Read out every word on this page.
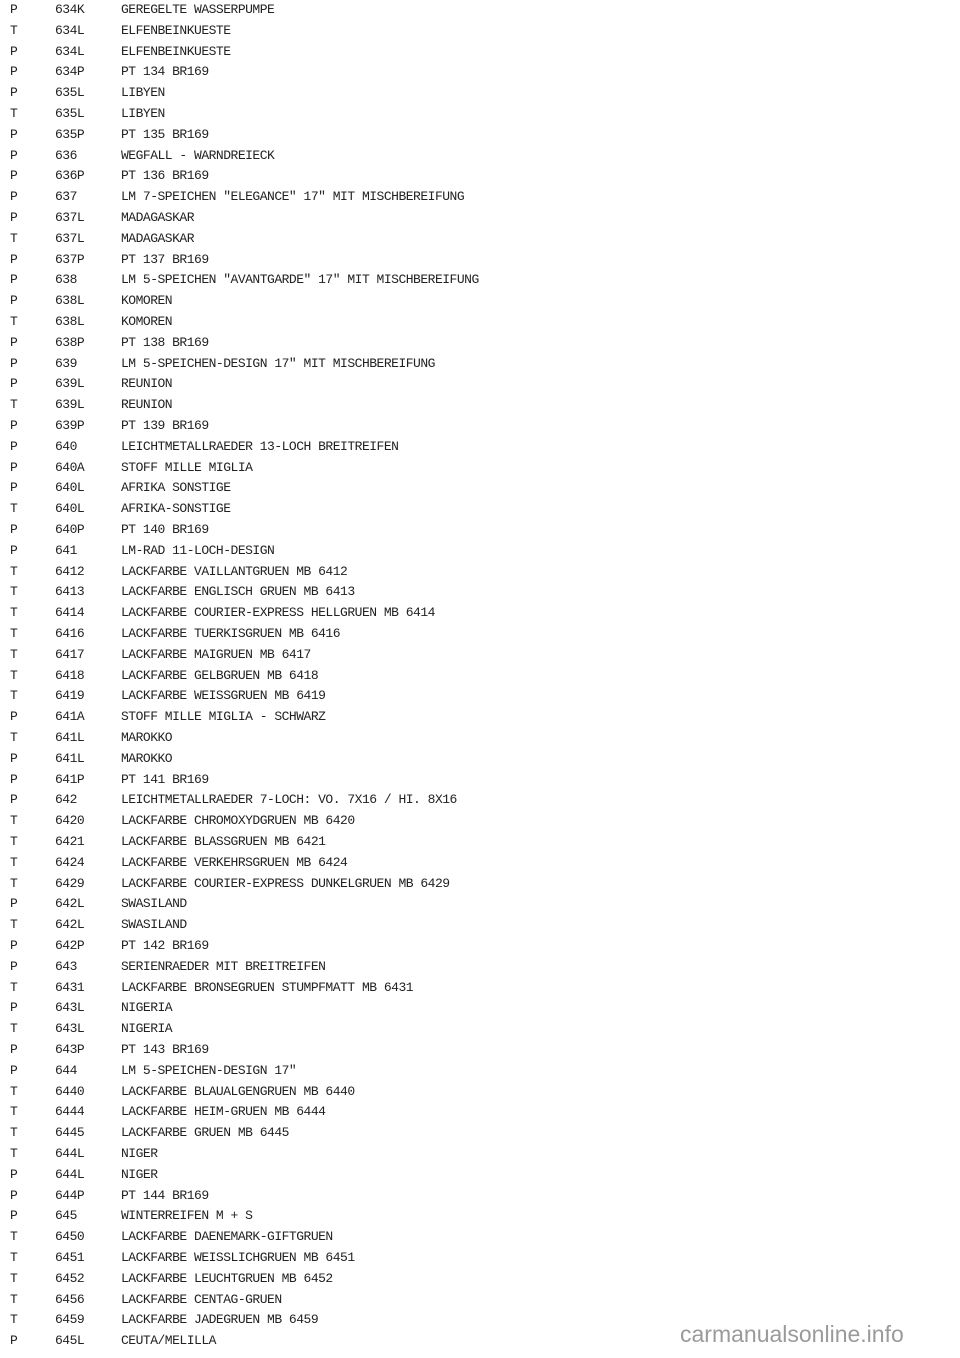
P	634K	GEREGELTE WASSERPUMPE
T	634L	ELFENBEINKUESTE
P	634L	ELFENBEINKUESTE
P	634P	PT 134 BR169
P	635L	LIBYEN
T	635L	LIBYEN
P	635P	PT 135 BR169
P	636	WEGFALL - WARNDREIECK
P	636P	PT 136 BR169
P	637	LM 7-SPEICHEN "ELEGANCE" 17" MIT MISCHBEREIFUNG
P	637L	MADAGASKAR
T	637L	MADAGASKAR
P	637P	PT 137 BR169
P	638	LM 5-SPEICHEN "AVANTGARDE" 17" MIT MISCHBEREIFUNG
P	638L	KOMOREN
T	638L	KOMOREN
P	638P	PT 138 BR169
P	639	LM 5-SPEICHEN-DESIGN 17" MIT MISCHBEREIFUNG
P	639L	REUNION
T	639L	REUNION
P	639P	PT 139 BR169
P	640	LEICHTMETALLRAEDER 13-LOCH BREITREIFEN
P	640A	STOFF MILLE MIGLIA
P	640L	AFRIKA SONSTIGE
T	640L	AFRIKA-SONSTIGE
P	640P	PT 140 BR169
P	641	LM-RAD 11-LOCH-DESIGN
T	6412	LACKFARBE VAILLANTGRUEN MB 6412
T	6413	LACKFARBE ENGLISCH GRUEN MB 6413
T	6414	LACKFARBE COURIER-EXPRESS HELLGRUEN MB 6414
T	6416	LACKFARBE TUERKISGRUEN MB 6416
T	6417	LACKFARBE MAIGRUEN MB 6417
T	6418	LACKFARBE GELBGRUEN MB 6418
T	6419	LACKFARBE WEISSGRUEN MB 6419
P	641A	STOFF MILLE MIGLIA - SCHWARZ
T	641L	MAROKKO
P	641L	MAROKKO
P	641P	PT 141 BR169
P	642	LEICHTMETALLRAEDER 7-LOCH: VO. 7X16 / HI. 8X16
T	6420	LACKFARBE CHROMOXYDGRUEN MB 6420
T	6421	LACKFARBE BLASSGRUEN MB 6421
T	6424	LACKFARBE VERKEHRSGRUEN MB 6424
T	6429	LACKFARBE COURIER-EXPRESS DUNKELGRUEN MB 6429
P	642L	SWASILAND
T	642L	SWASILAND
P	642P	PT 142 BR169
P	643	SERIENRAEDER MIT BREITREIFEN
T	6431	LACKFARBE BRONSEGRUEN STUMPFMATT MB 6431
P	643L	NIGERIA
T	643L	NIGERIA
P	643P	PT 143 BR169
P	644	LM 5-SPEICHEN-DESIGN 17"
T	6440	LACKFARBE BLAUALGENGRUEN MB 6440
T	6444	LACKFARBE HEIM-GRUEN MB 6444
T	6445	LACKFARBE GRUEN MB 6445
T	644L	NIGER
P	644L	NIGER
P	644P	PT 144 BR169
P	645	WINTERREIFEN M + S
T	6450	LACKFARBE DAENEMARK-GIFTGRUEN
T	6451	LACKFARBE WEISSLICHGRUEN MB 6451
T	6452	LACKFARBE LEUCHTGRUEN MB 6452
T	6456	LACKFARBE CENTAG-GRUEN
T	6459	LACKFARBE JADEGRUEN MB 6459
P	645L	CEUTA/MELILLA	carmanualsonline.info
